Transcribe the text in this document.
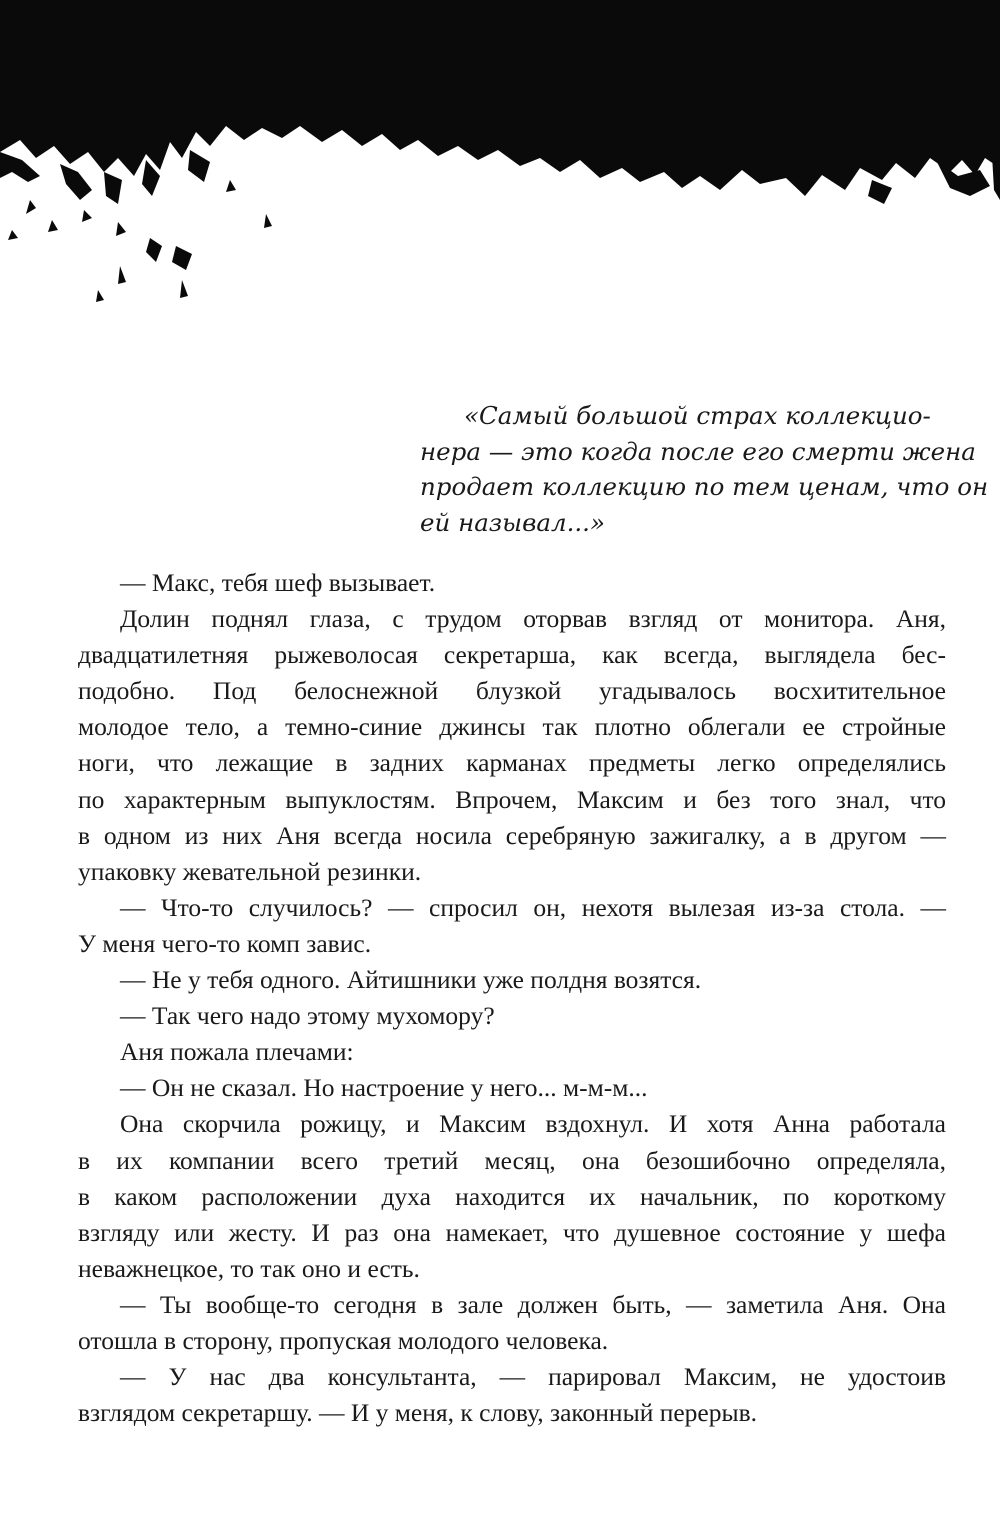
«Самый большой страх коллекцио-
нера — это когда после его смерти жена
продает коллекцию по тем ценам, что он
ей называл...»

— Макс, тебя шеф вызывает.

Долин поднял глаза, с трудом оторвав взгляд от монитора. Аня,
двадцатилетняя рыжеволосая секретарша, как всегда, выглядела бес-
подобно. Под белоснежной блузкой угадывалось восхитительное
молодое тело, а темно-синие джинсы так плотно облегали ее стройные
ноги, что лежащие в задних карманах предметы легко определялись
по характерным выпуклостям. Впрочем, Максим и без того знал, что
в одном из них Аня всегда носила серебряную зажигалку, а в другом —
упаковку жевательной резинки.

— Что-то случилось? — спросил он, нехотя вылезая из-за стола. —
У меня чего-то комп завис.

— Не у тебя одного. Айтишники уже полдня возятся.

— Так чего надо этому мухомору?

Аня пожала плечами:

— Он не сказал. Но настроение у него... м-м-м...

Она скорчила рожицу, и Максим вздохнул. И хотя Анна работала
в их компании всего третий месяц, она безошибочно определяла,
в каком расположении духа находится их начальник, по короткому
взгляду или жесту. И раз она намекает, что душевное состояние у шефа
неважнецкое, то так оно и есть.

— Ты вообще-то сегодня в зале должен быть, — заметила Аня. Она
отошла в сторону, пропуская молодого человека.

— У нас два консультанта, — парировал Максим, не удостоив
взглядом секретаршу. — И у меня, к слову, законный перерыв.
